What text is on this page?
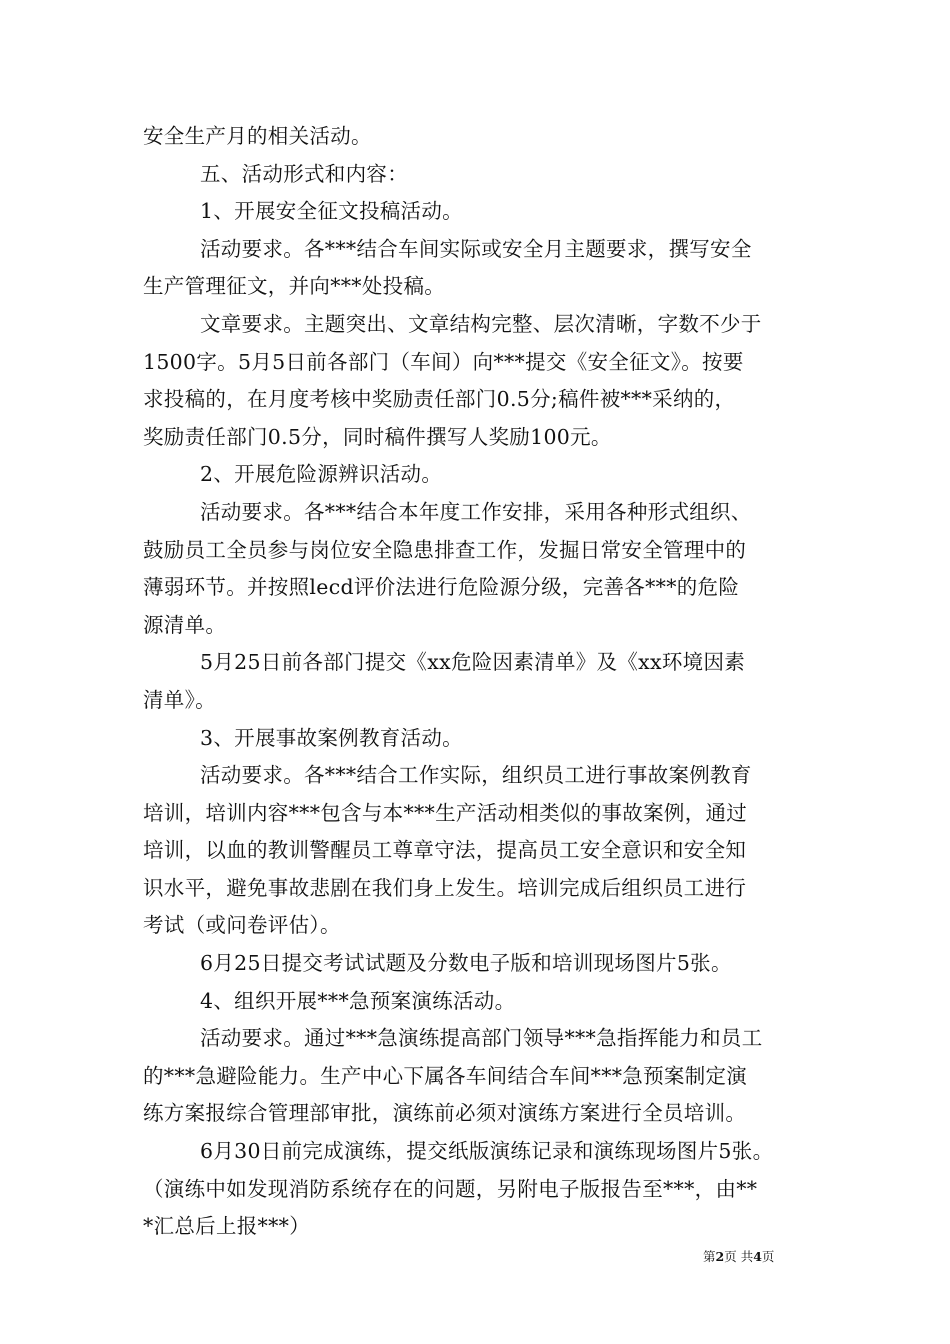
安全生产月的相关活动。
五、活动形式和内容：
1、开展安全征文投稿活动。
活动要求。各***结合车间实际或安全月主题要求，撰写安全
生产管理征文，并向***处投稿。
文章要求。主题突出、文章结构完整、层次清晰，字数不少于
1500字。5月5日前各部门（车间）向***提交《安全征文》。按要
求投稿的，在月度考核中奖励责任部门0.5分;稿件被***采纳的，
奖励责任部门0.5分，同时稿件撰写人奖励100元。
2、开展危险源辨识活动。
活动要求。各***结合本年度工作安排，采用各种形式组织、
鼓励员工全员参与岗位安全隐患排查工作，发掘日常安全管理中的
薄弱环节。并按照lecd评价法进行危险源分级，完善各***的危险
源清单。
5月25日前各部门提交《xx危险因素清单》及《xx环境因素
清单》。
3、开展事故案例教育活动。
活动要求。各***结合工作实际，组织员工进行事故案例教育
培训，培训内容***包含与本***生产活动相类似的事故案例，通过
培训，以血的教训警醒员工尊章守法，提高员工安全意识和安全知
识水平，避免事故悲剧在我们身上发生。培训完成后组织员工进行
考试（或问卷评估）。
6月25日提交考试试题及分数电子版和培训现场图片5张。
4、组织开展***急预案演练活动。
活动要求。通过***急演练提高部门领导***急指挥能力和员工
的***急避险能力。生产中心下属各车间结合车间***急预案制定演
练方案报综合管理部审批，演练前必须对演练方案进行全员培训。
6月30日前完成演练，提交纸版演练记录和演练现场图片5张。
（演练中如发现消防系统存在的问题，另附电子版报告至***，由**
*汇总后上报***）
第2页 共4页
